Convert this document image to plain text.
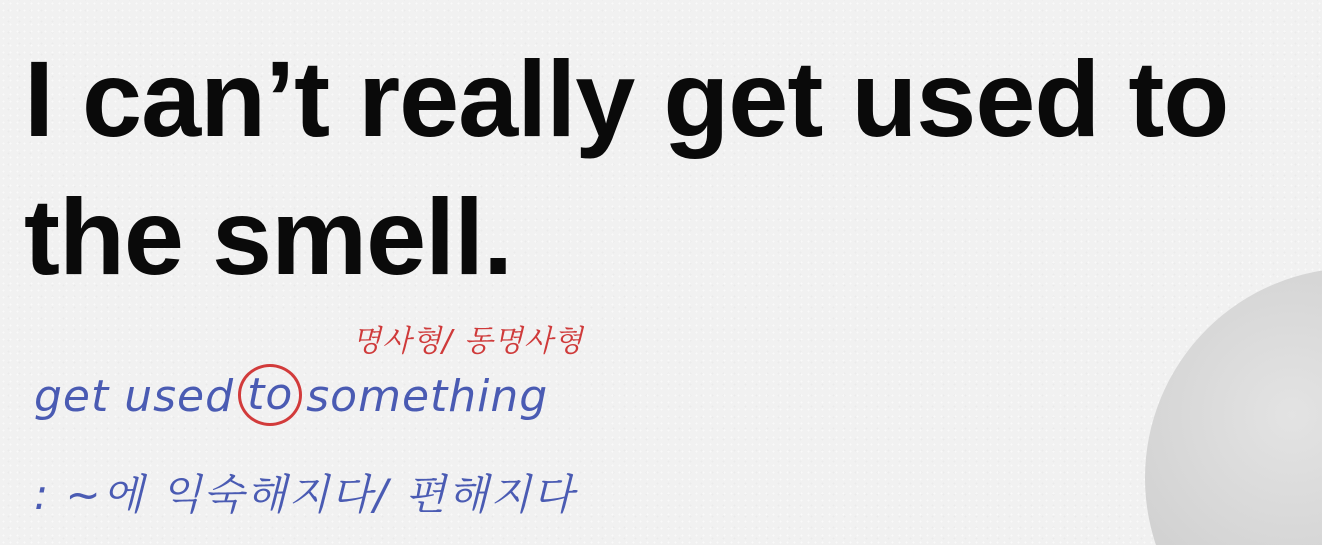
I can’t really get used to the smell.
명사형/ 동명사형
get used to something
: ~에 익숙해지다/ 편해지다
